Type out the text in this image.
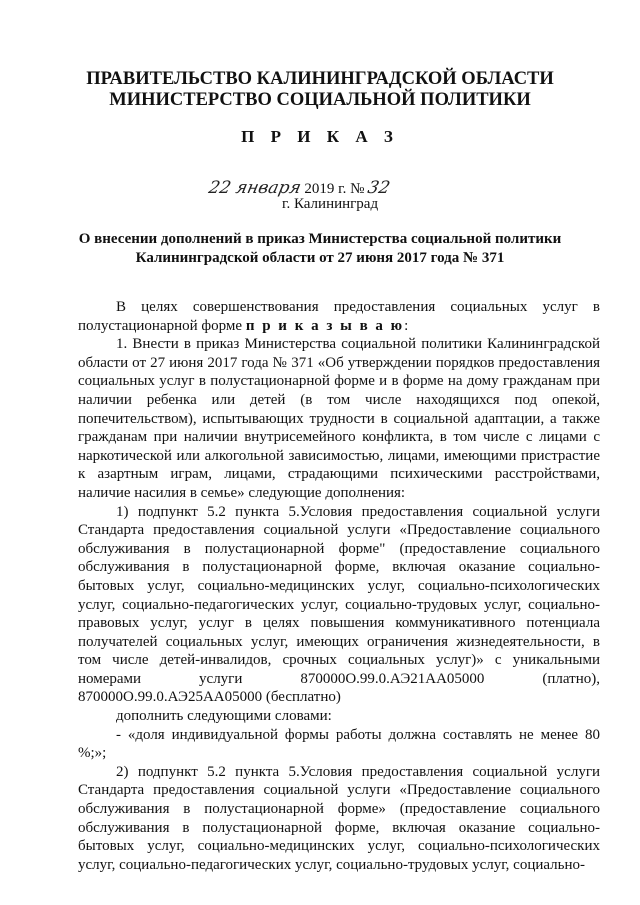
ПРАВИТЕЛЬСТВО КАЛИНИНГРАДСКОЙ ОБЛАСТИ
МИНИСТЕРСТВО СОЦИАЛЬНОЙ ПОЛИТИКИ
П Р И К А З
22 января 2019 г. № 32
г. Калининград
О внесении дополнений в приказ Министерства социальной политики
Калининградской области от 27 июня 2017 года № 371

В целях совершенствования предоставления социальных услуг в полустационарной форме п р и к а з ы в а ю:

1. Внести в приказ Министерства социальной политики Калининградской области от 27 июня 2017 года № 371 «Об утверждении порядков предоставления социальных услуг в полустационарной форме и в форме на дому гражданам при наличии ребенка или детей (в том числе находящихся под опекой, попечительством), испытывающих трудности в социальной адаптации, а также гражданам при наличии внутрисемейного конфликта, в том числе с лицами с наркотической или алкогольной зависимостью, лицами, имеющими пристрастие к азартным играм, лицами, страдающими психическими расстройствами, наличие насилия в семье» следующие дополнения:

1) подпункт 5.2 пункта 5.Условия предоставления социальной услуги Стандарта предоставления социальной услуги «Предоставление социального обслуживания в полустационарной форме" (предоставление социального обслуживания в полустационарной форме, включая оказание социально-бытовых услуг, социально-медицинских услуг, социально-психологических услуг, социально-педагогических услуг, социально-трудовых услуг, социально-правовых услуг, услуг в целях повышения коммуникативного потенциала получателей социальных услуг, имеющих ограничения жизнедеятельности, в том числе детей-инвалидов, срочных социальных услуг)» с уникальными номерами услуги 870000О.99.0.АЭ21АА05000 (платно), 870000О.99.0.АЭ25АА05000 (бесплатно)

дополнить следующими словами:

- «доля индивидуальной формы работы должна составлять не менее 80 %;»;

2) подпункт 5.2 пункта 5.Условия предоставления социальной услуги Стандарта предоставления социальной услуги «Предоставление социального обслуживания в полустационарной форме» (предоставление социального обслуживания в полустационарной форме, включая оказание социально-бытовых услуг, социально-медицинских услуг, социально-психологических услуг, социально-педагогических услуг, социально-трудовых услуг, социально-
